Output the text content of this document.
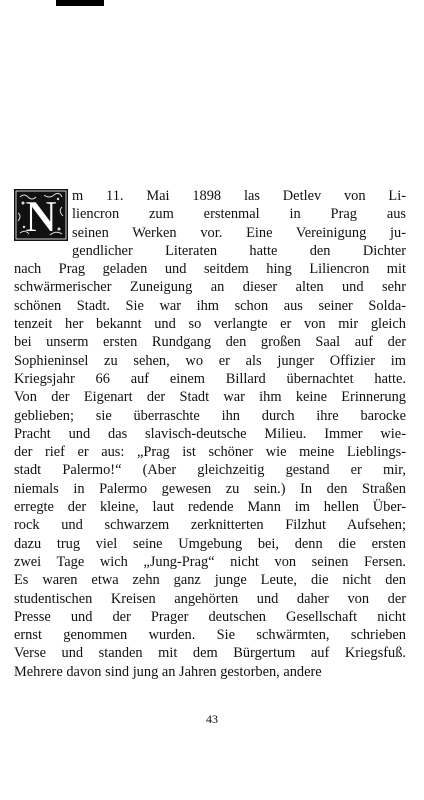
N	m 11. Mai 1898 las Detlev von Li-
liencron zum erstenmal in Prag aus
seinen Werken vor. Eine Vereinigung ju-
gendlicher Literaten hatte den Dichter
nach Prag geladen und seitdem hing Liliencron mit
schwärmerischer Zuneigung an dieser alten und sehr
schönen Stadt. Sie war ihm schon aus seiner Solda-
tenzeit her bekannt und so verlangte er von mir gleich
bei unserm ersten Rundgang den großen Saal auf der
Sophieninsel zu sehen, wo er als junger Offizier im
Kriegsjahr 66 auf einem Billard übernachtet hatte.
Von der Eigenart der Stadt war ihm keine Erinnerung
geblieben; sie überraschte ihn durch ihre barocke
Pracht und das slavisch-deutsche Milieu. Immer wie-
der rief er aus: „Prag ist schöner wie meine Lieblings-
stadt Palermo!“ (Aber gleichzeitig gestand er mir,
niemals in Palermo gewesen zu sein.) In den Straßen
erregte der kleine, laut redende Mann im hellen Über-
rock und schwarzem zerknitterten Filzhut Aufsehen;
dazu trug viel seine Umgebung bei, denn die ersten
zwei Tage wich „Jung-Prag“ nicht von seinen Fersen.
Es waren etwa zehn ganz junge Leute, die nicht den
studentischen Kreisen angehörten und daher von der
Presse und der Prager deutschen Gesellschaft nicht
ernst genommen wurden. Sie schwärmten, schrieben
Verse und standen mit dem Bürgertum auf Kriegsfuß.
Mehrere davon sind jung an Jahren gestorben, andere
43
